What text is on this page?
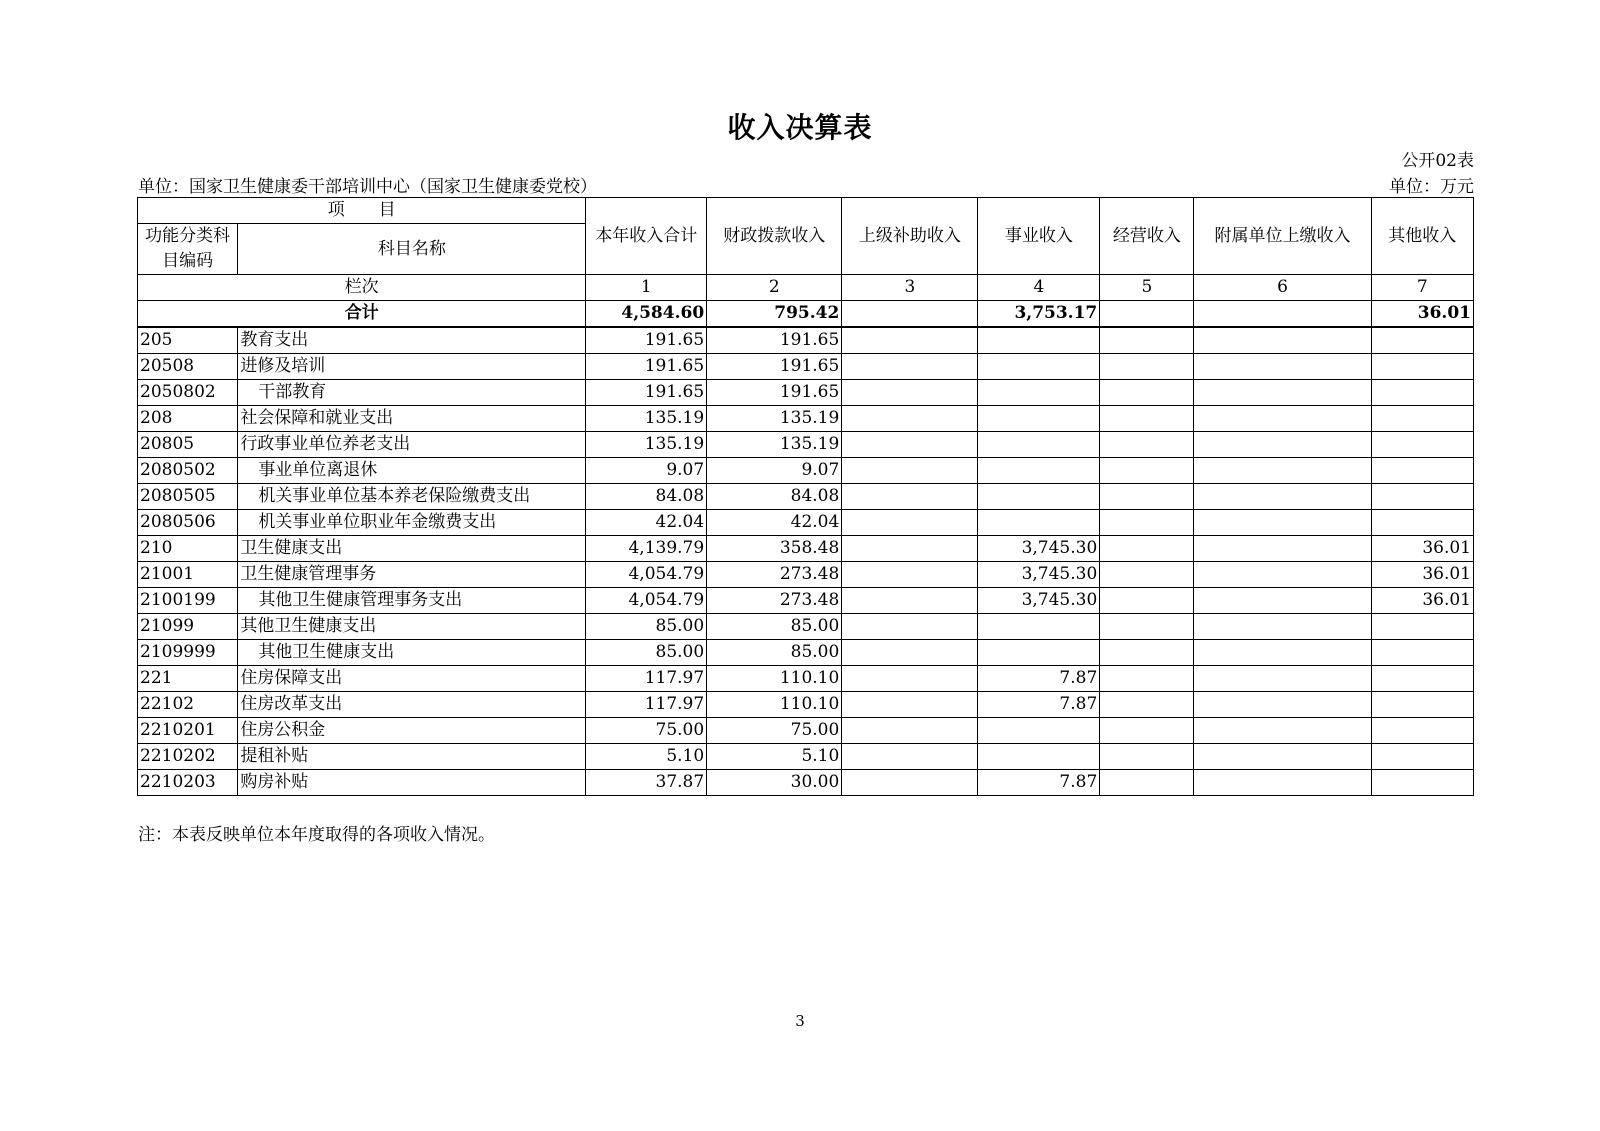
收入决算表
公开02表
单位：国家卫生健康委干部培训中心（国家卫生健康委党校）	单位：万元
项　　目		本年收入合计	财政拨款收入	上级补助收入	事业收入	经营收入	附属单位上缴收入	其他收入
功能分类科目编码	科目名称							
栏次		1	2	3	4	5	6	7
合计		4,584.60	795.42		3,753.17			36.01
205	教育支出	191.65	191.65					
20508	进修及培训	191.65	191.65					
2050802	干部教育	191.65	191.65					
208	社会保障和就业支出	135.19	135.19					
20805	行政事业单位养老支出	135.19	135.19					
2080502	事业单位离退休	9.07	9.07					
2080505	机关事业单位基本养老保险缴费支出	84.08	84.08					
2080506	机关事业单位职业年金缴费支出	42.04	42.04					
210	卫生健康支出	4,139.79	358.48		3,745.30			36.01
21001	卫生健康管理事务	4,054.79	273.48		3,745.30			36.01
2100199	其他卫生健康管理事务支出	4,054.79	273.48		3,745.30			36.01
21099	其他卫生健康支出	85.00	85.00					
2109999	其他卫生健康支出	85.00	85.00					
221	住房保障支出	117.97	110.10		7.87			
22102	住房改革支出	117.97	110.10		7.87			
2210201	住房公积金	75.00	75.00					
2210202	提租补贴	5.10	5.10					
2210203	购房补贴	37.87	30.00		7.87			
注：本表反映单位本年度取得的各项收入情况。
3
